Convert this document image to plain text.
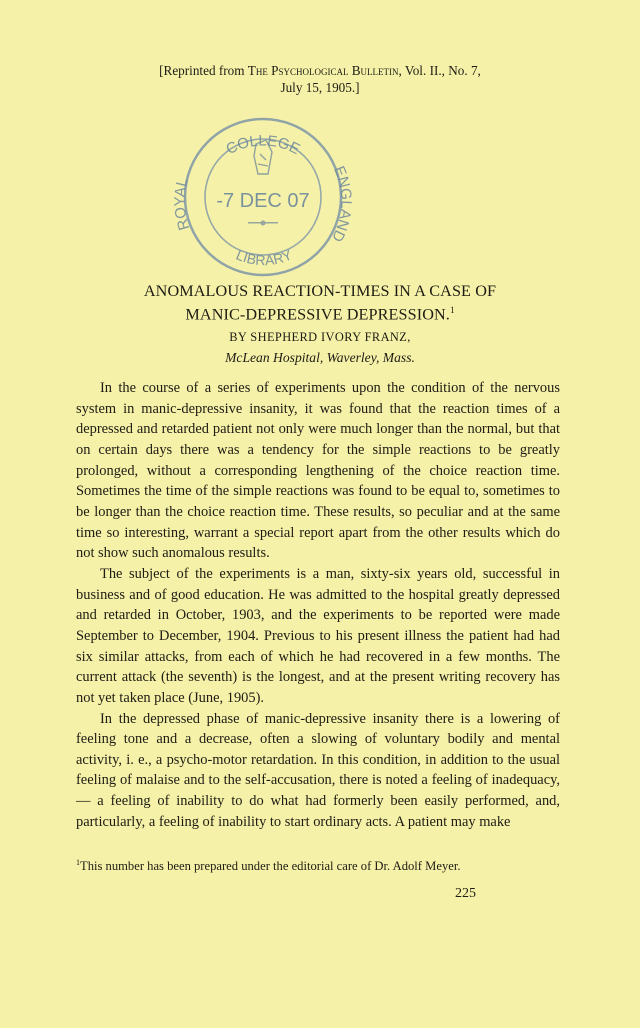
[Reprinted from The Psychological Bulletin, Vol. II., No. 7,
July 15, 1905.]
COLLEGE
ROYAL
ENGLAND
LIBRARY
-7 DEC 07
ANOMALOUS REACTION-TIMES IN A CASE OF
MANIC-DEPRESSIVE DEPRESSION.$^1$
BY SHEPHERD IVORY FRANZ,
McLean Hospital, Waverley, Mass.

In the course of a series of experiments upon the condition of the nervous system in manic-depressive insanity, it was found that the reaction times of a depressed and retarded patient not only were much longer than the normal, but that on certain days there was a tendency for the simple reactions to be greatly prolonged, without a corresponding lengthening of the choice reaction time. Sometimes the time of the simple reactions was found to be equal to, sometimes to be longer than the choice reaction time. These results, so peculiar and at the same time so interesting, warrant a special report apart from the other results which do not show such anomalous results.

The subject of the experiments is a man, sixty-six years old, successful in business and of good education. He was admitted to the hospital greatly depressed and retarded in October, 1903, and the experiments to be reported were made September to December, 1904. Previous to his present illness the patient had had six similar attacks, from each of which he had recovered in a few months. The current attack (the seventh) is the longest, and at the present writing recovery has not yet taken place (June, 1905).

In the depressed phase of manic-depressive insanity there is a lowering of feeling tone and a decrease, often a slowing of voluntary bodily and mental activity, i. e., a psycho-motor retardation. In this condition, in addition to the usual feeling of malaise and to the self-accusation, there is noted a feeling of inadequacy,— a feeling of inability to do what had formerly been easily performed, and, particularly, a feeling of inability to start ordinary acts. A patient may make

$^1$This number has been prepared under the editorial care of Dr. Adolf Meyer.
225
